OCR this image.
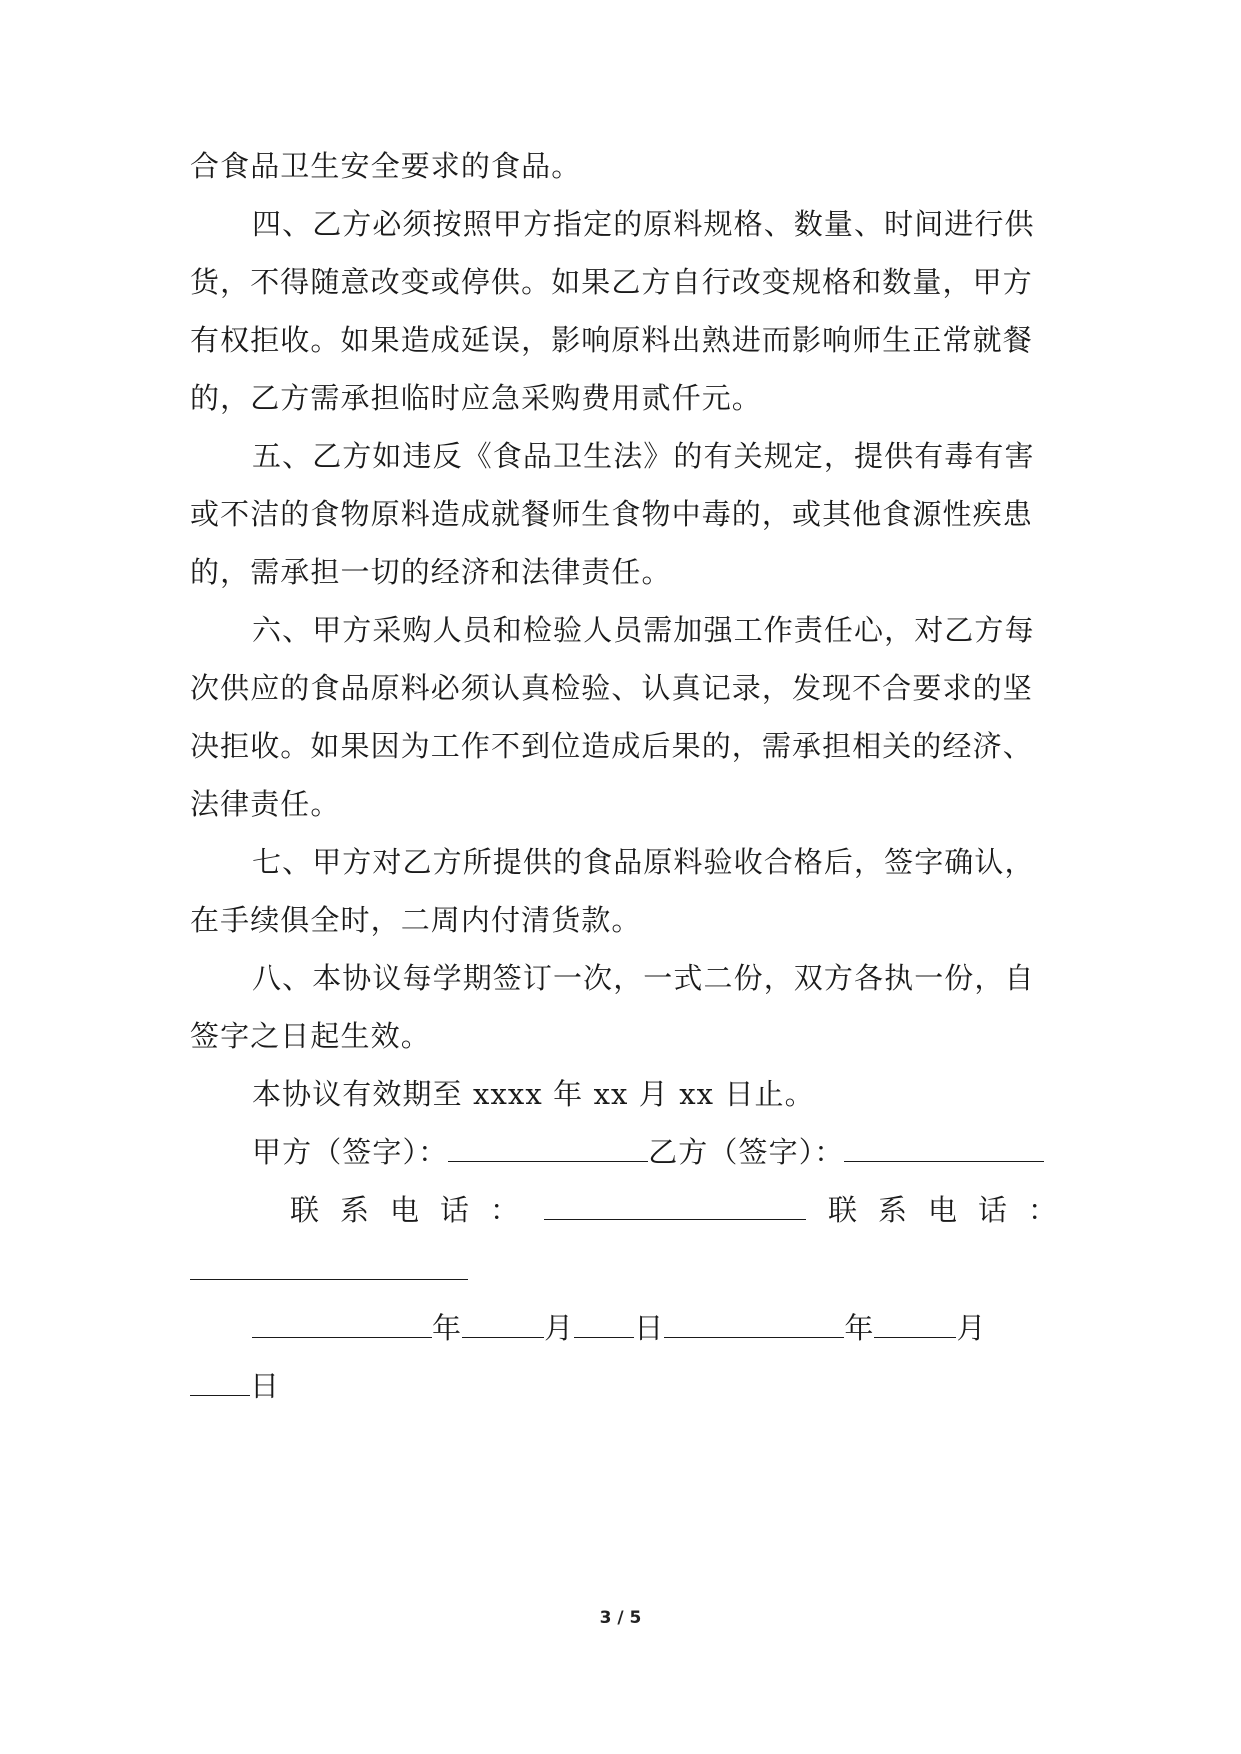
合食品卫生安全要求的食品。
四、乙方必须按照甲方指定的原料规格、数量、时间进行供
货，不得随意改变或停供。如果乙方自行改变规格和数量，甲方
有权拒收。如果造成延误，影响原料出熟进而影响师生正常就餐
的，乙方需承担临时应急采购费用贰仟元。
五、乙方如违反《食品卫生法》的有关规定，提供有毒有害
或不洁的食物原料造成就餐师生食物中毒的，或其他食源性疾患
的，需承担一切的经济和法律责任。
六、甲方采购人员和检验人员需加强工作责任心，对乙方每
次供应的食品原料必须认真检验、认真记录，发现不合要求的坚
决拒收。如果因为工作不到位造成后果的，需承担相关的经济、
法律责任。
七、甲方对乙方所提供的食品原料验收合格后，签字确认，
在手续俱全时，二周内付清货款。
八、本协议每学期签订一次，一式二份，双方各执一份，自
签字之日起生效。
本协议有效期至 xxxx 年 xx 月 xx 日止。
甲方（签字）：	乙方（签字）：
联系电话：	联系电话：
年	月 日	年	月
日
3 / 5
